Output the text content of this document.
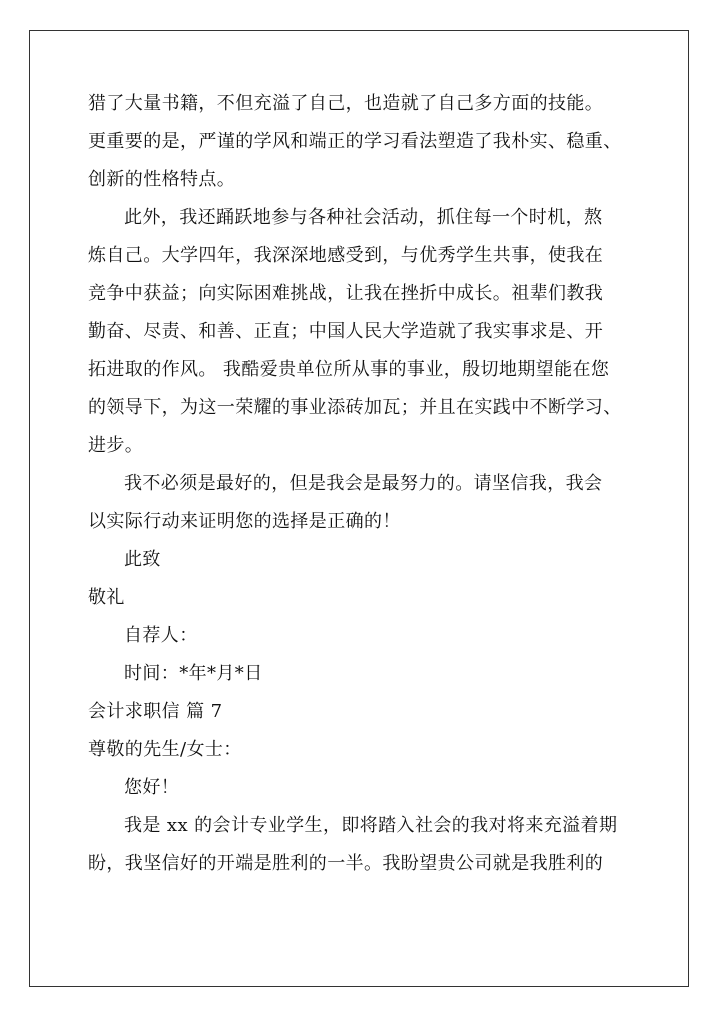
猎了大量书籍，不但充溢了自己，也造就了自己多方面的技能。
更重要的是，严谨的学风和端正的学习看法塑造了我朴实、稳重、
创新的性格特点。
此外，我还踊跃地参与各种社会活动，抓住每一个时机，熬
炼自己。大学四年，我深深地感受到，与优秀学生共事，使我在
竞争中获益；向实际困难挑战，让我在挫折中成长。祖辈们教我
勤奋、尽责、和善、正直；中国人民大学造就了我实事求是、开
拓进取的作风。 我酷爱贵单位所从事的事业，殷切地期望能在您
的领导下，为这一荣耀的事业添砖加瓦；并且在实践中不断学习、
进步。
我不必须是最好的，但是我会是最努力的。请坚信我，我会
以实际行动来证明您的选择是正确的！
此致
敬礼
自荐人：
时间：*年*月*日
会计求职信 篇 7
尊敬的先生/女士：
您好！
我是 xx 的会计专业学生，即将踏入社会的我对将来充溢着期
盼，我坚信好的开端是胜利的一半。我盼望贵公司就是我胜利的
